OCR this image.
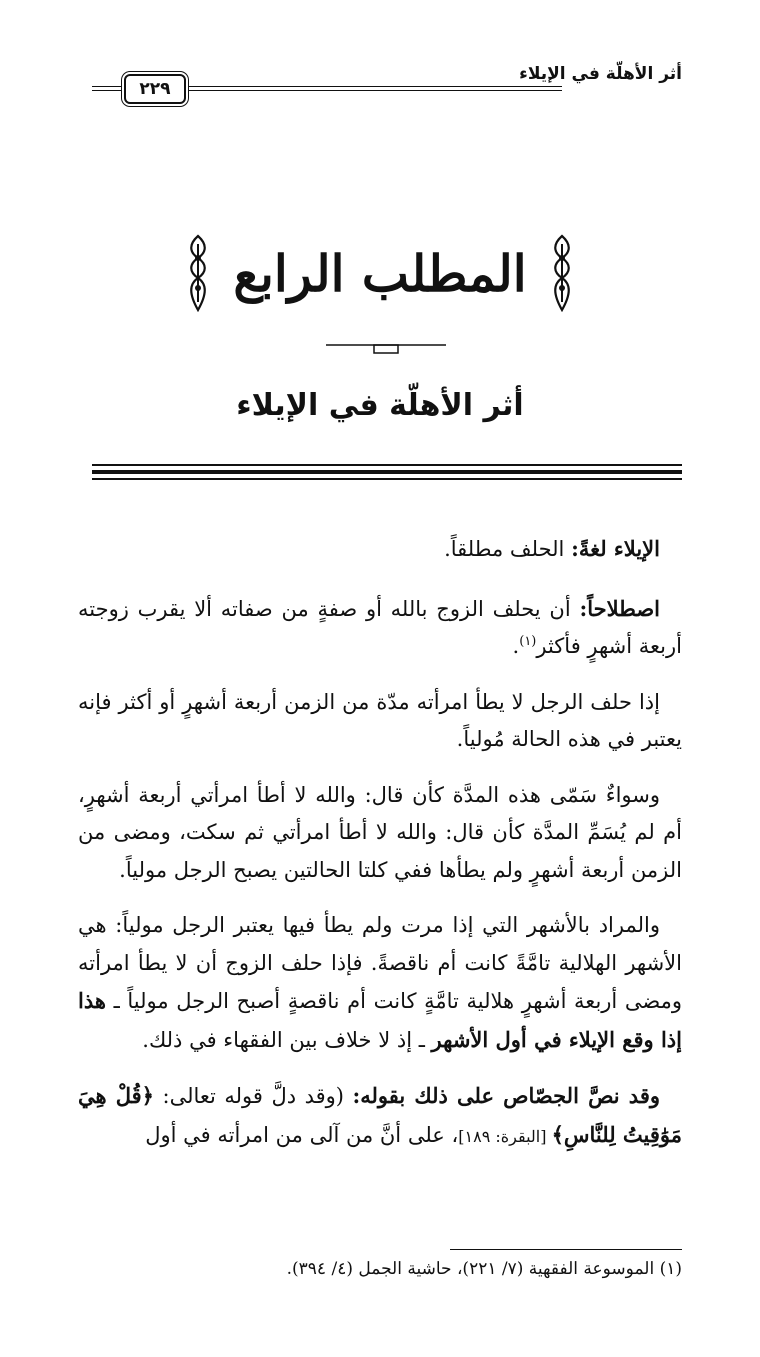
أثر الأهلّة في الإيلاء
٢٢٩
المطلب الرابع
أثر الأهلّة في الإيلاء

الإيلاء لغةً: الحلف مطلقاً.

اصطلاحاً: أن يحلف الزوج بالله أو صفةٍ من صفاته ألا يقرب زوجته أربعة أشهرٍ فأكثر$^{(١)}$.

إذا حلف الرجل لا يطأ امرأته مدّة من الزمن أربعة أشهرٍ أو أكثر فإنه يعتبر في هذه الحالة مُولياً.

وسواءٌ سَمّى هذه المدَّة كأن قال: والله لا أطأ امرأتي أربعة أشهرٍ، أم لم يُسَمِّ المدَّة كأن قال: والله لا أطأ امرأتي ثم سكت، ومضى من الزمن أربعة أشهرٍ ولم يطأها ففي كلتا الحالتين يصبح الرجل مولياً.

والمراد بالأشهر التي إذا مرت ولم يطأ فيها يعتبر الرجل مولياً: هي الأشهر الهلالية تامَّةً كانت أم ناقصةً. فإذا حلف الزوج أن لا يطأ امرأته ومضى أربعة أشهرٍ هلالية تامَّةٍ كانت أم ناقصةٍ أصبح الرجل مولياً ـ هذا إذا وقع الإيلاء في أول الأشهر ـ إذ لا خلاف بين الفقهاء في ذلك.

وقد نصَّ الجصّاص على ذلك بقوله: (وقد دلَّ قوله تعالى: ﴿قُلْ هِيَ مَوَٰقِيتُ لِلنَّاسِ﴾ [البقرة: ١٨٩]، على أنَّ من آلى من امرأته في أول

(١) الموسوعة الفقهية (٧/ ٢٢١)، حاشية الجمل (٤/ ٣٩٤).
